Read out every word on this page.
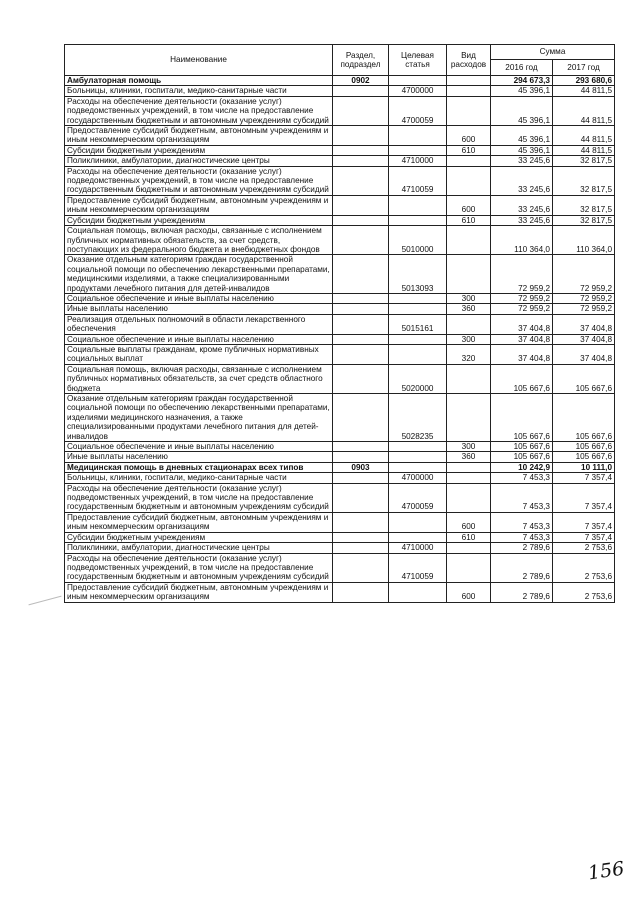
Наименование	Раздел, подраздел	Целевая статья	Вид расходов	Сумма	
				2016 год	2017 год
Амбулаторная помощь	0902			294 673,3	293 680,6
Больницы, клиники, госпитали, медико-санитарные части		4700000		45 396,1	44 811,5
Расходы на обеспечение деятельности (оказание услуг) подведомственных учреждений, в том числе на предоставление государственным бюджетным и автономным учреждениям субсидий		4700059		45 396,1	44 811,5
Предоставление субсидий бюджетным, автономным учреждениям и иным некоммерческим организациям			600	45 396,1	44 811,5
Субсидии бюджетным учреждениям			610	45 396,1	44 811,5
Поликлиники, амбулатории, диагностические центры		4710000		33 245,6	32 817,5
Расходы на обеспечение деятельности (оказание услуг) подведомственных учреждений, в том числе на предоставление государственным бюджетным и автономным учреждениям субсидий		4710059		33 245,6	32 817,5
Предоставление субсидий бюджетным, автономным учреждениям и иным некоммерческим организациям			600	33 245,6	32 817,5
Субсидии бюджетным учреждениям			610	33 245,6	32 817,5
Социальная помощь, включая расходы, связанные с исполнением публичных нормативных обязательств, за счет средств, поступающих из федерального бюджета и внебюджетных фондов		5010000		110 364,0	110 364,0
Оказание отдельным категориям граждан государственной социальной помощи по обеспечению лекарственными препаратами, медицинскими изделиями, а также специализированными продуктами лечебного питания для детей-инвалидов		5013093		72 959,2	72 959,2
Социальное обеспечение и иные выплаты населению			300	72 959,2	72 959,2
Иные выплаты населению			360	72 959,2	72 959,2
Реализация отдельных полномочий в области лекарственного обеспечения		5015161		37 404,8	37 404,8
Социальное обеспечение и иные выплаты населению			300	37 404,8	37 404,8
Социальные выплаты гражданам, кроме публичных нормативных социальных выплат			320	37 404,8	37 404,8
Социальная помощь, включая расходы, связанные с исполнением публичных нормативных обязательств, за счет средств областного бюджета		5020000		105 667,6	105 667,6
Оказание отдельным категориям граждан государственной социальной помощи по обеспечению лекарственными препаратами, изделиями медицинского назначения, а также специализированными продуктами лечебного питания для детей-инвалидов		5028235		105 667,6	105 667,6
Социальное обеспечение и иные выплаты населению			300	105 667,6	105 667,6
Иные выплаты населению			360	105 667,6	105 667,6
Медицинская помощь в дневных стационарах всех типов	0903			10 242,9	10 111,0
Больницы, клиники, госпитали, медико-санитарные части		4700000		7 453,3	7 357,4
Расходы на обеспечение деятельности (оказание услуг) подведомственных учреждений, в том числе на предоставление государственным бюджетным и автономным учреждениям субсидий		4700059		7 453,3	7 357,4
Предоставление субсидий бюджетным, автономным учреждениям и иным некоммерческим организациям			600	7 453,3	7 357,4
Субсидии бюджетным учреждениям			610	7 453,3	7 357,4
Поликлиники, амбулатории, диагностические центры		4710000		2 789,6	2 753,6
Расходы на обеспечение деятельности (оказание услуг) подведомственных учреждений, в том числе на предоставление государственным бюджетным и автономным учреждениям субсидий		4710059		2 789,6	2 753,6
Предоставление субсидий бюджетным, автономным учреждениям и иным некоммерческим организациям			600	2 789,6	2 753,6
156
